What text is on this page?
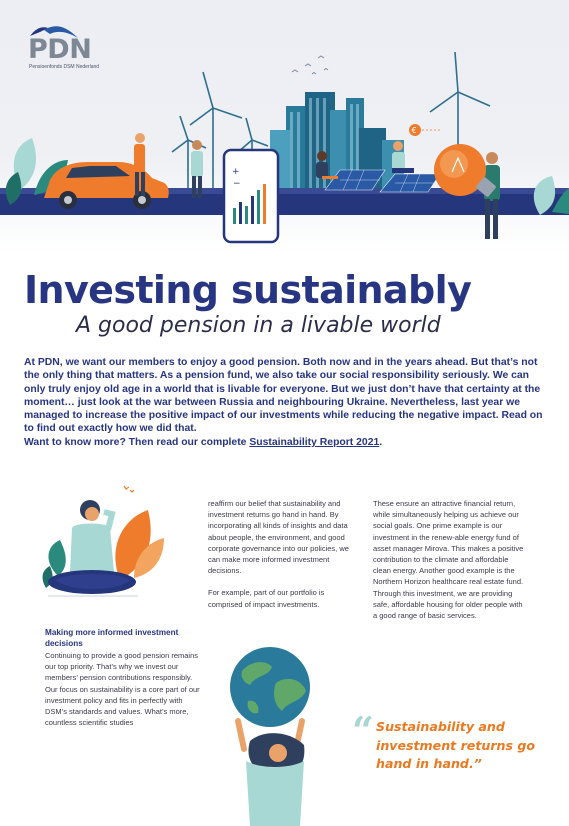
+
−
€
PDN
Pensioenfonds DSM Nederland
Investing sustainably
A good pension in a livable world
At PDN, we want our members to enjoy a good pension. Both now and in the years ahead. But that’s not the only thing that matters. As a pension fund, we also take our social responsibility seriously. We can only truly enjoy old age in a world that is livable for everyone. But we just don’t have that certainty at the moment… just look at the war between Russia and neighbouring Ukraine. Nevertheless, last year we managed to increase the positive impact of our investments while reducing the negative impact. Read on to find out exactly how we did that.
Want to know more? Then read our complete Sustainability Report 2021.
Making more informed investment decisions

Continuing to provide a good pension remains our top priority. That’s why we invest our members’ pension contributions responsibly. Our focus on sustainability is a core part of our investment policy and fits in perfectly with DSM’s standards and values. What’s more, countless scientific studies

reaffirm our belief that sustainability and investment returns go hand in hand. By incorporating all kinds of insights and data about people, the environment, and good corporate governance into our policies, we can make more informed investment decisions.

For example, part of our portfolio is comprised of impact investments.

These ensure an attractive financial return, while simultaneously helping us achieve our social goals. One prime example is our investment in the renew-able energy fund of asset manager Mirova. This makes a positive contribution to the climate and affordable clean energy. Another good example is the Northern Horizon healthcare real estate fund. Through this investment, we are providing safe, affordable housing for older people with a good range of basic services.

“ Sustainability and investment returns go hand in hand.”
